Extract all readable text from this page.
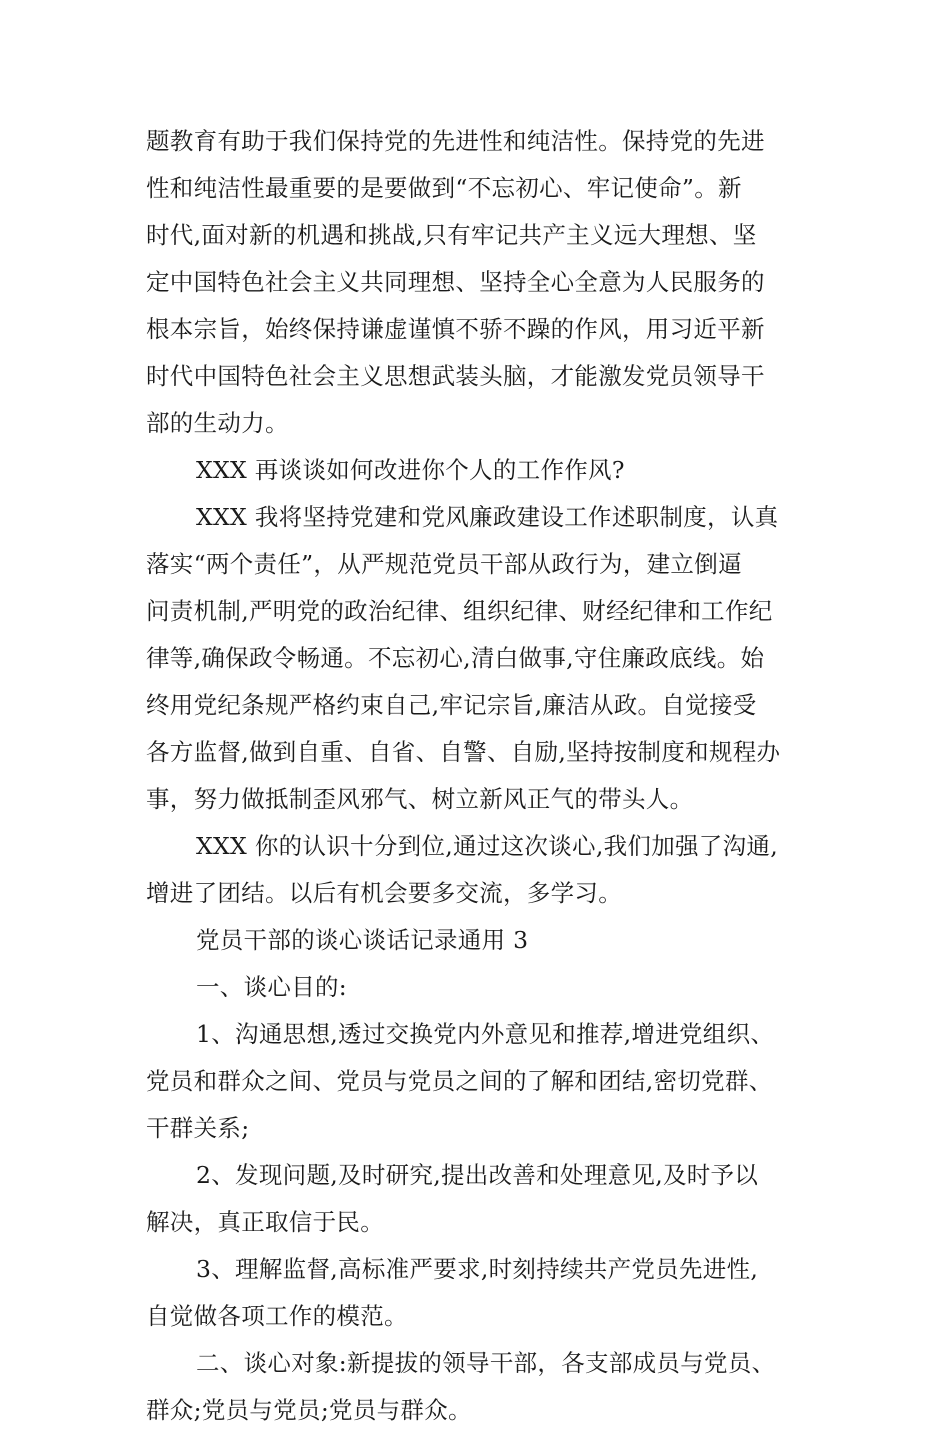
题教育有助于我们保持党的先进性和纯洁性。保持党的先进
性和纯洁性最重要的是要做到“不忘初心、牢记使命”。新
时代,面对新的机遇和挑战,只有牢记共产主义远大理想、坚
定中国特色社会主义共同理想、坚持全心全意为人民服务的
根本宗旨，始终保持谦虚谨慎不骄不躁的作风，用习近平新
时代中国特色社会主义思想武装头脑，才能激发党员领导干
部的生动力。
XXX 再谈谈如何改进你个人的工作作风?
XXX 我将坚持党建和党风廉政建设工作述职制度，认真
落实“两个责任”，从严规范党员干部从政行为，建立倒逼
问责机制,严明党的政治纪律、组织纪律、财经纪律和工作纪
律等,确保政令畅通。不忘初心,清白做事,守住廉政底线。始
终用党纪条规严格约束自己,牢记宗旨,廉洁从政。自觉接受
各方监督,做到自重、自省、自警、自励,坚持按制度和规程办
事，努力做抵制歪风邪气、树立新风正气的带头人。
XXX 你的认识十分到位,通过这次谈心,我们加强了沟通,
增进了团结。以后有机会要多交流，多学习。
党员干部的谈心谈话记录通用 3
一、谈心目的:
1、沟通思想,透过交换党内外意见和推荐,增进党组织、
党员和群众之间、党员与党员之间的了解和团结,密切党群、
干群关系;
2、发现问题,及时研究,提出改善和处理意见,及时予以
解决，真正取信于民。
3、理解监督,高标准严要求,时刻持续共产党员先进性,
自觉做各项工作的模范。
二、谈心对象:新提拔的领导干部，各支部成员与党员、
群众;党员与党员;党员与群众。
